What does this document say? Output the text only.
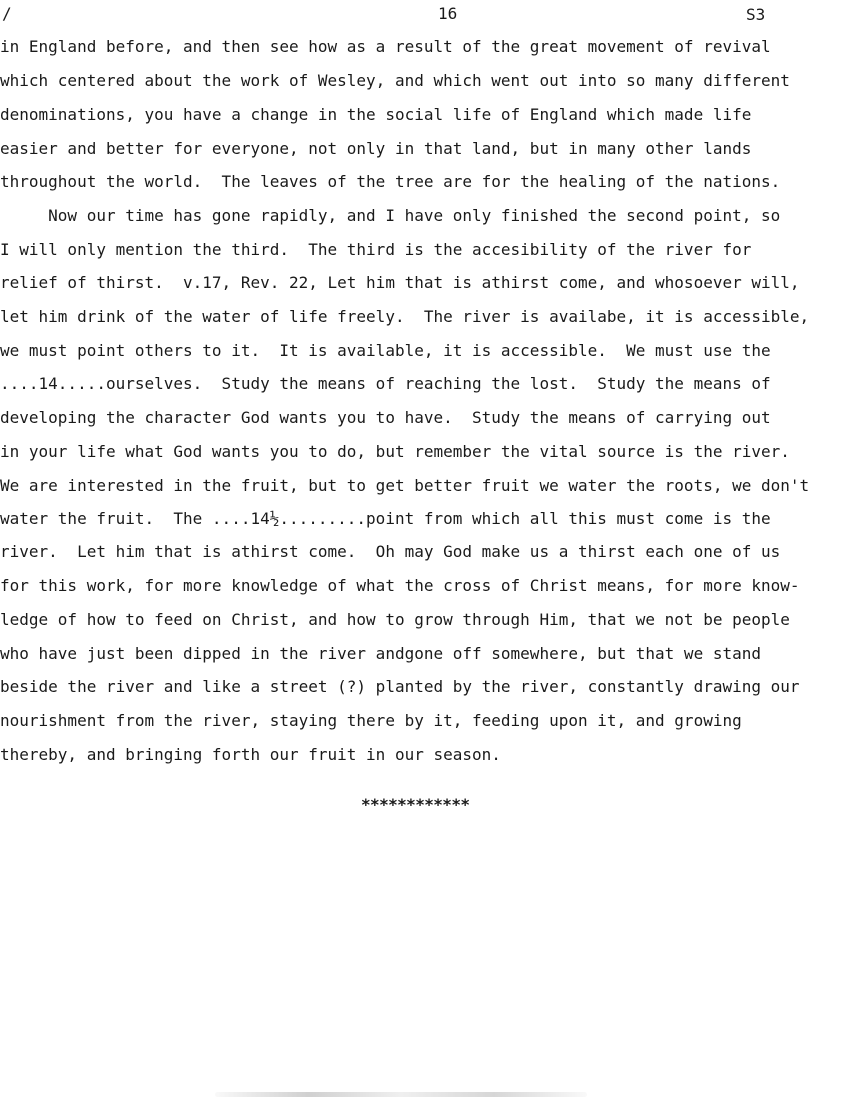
/	16	S3
in England before, and then see how as a result of the great movement of revival
which centered about the work of Wesley, and which went out into so many different
denominations, you have a change in the social life of England which made life
easier and better for everyone, not only in that land, but in many other lands
throughout the world.  The leaves of the tree are for the healing of the nations.
Now our time has gone rapidly, and I have only finished the second point, so
I will only mention the third.  The third is the accesibility of the river for
relief of thirst.  v.17, Rev. 22, Let him that is athirst come, and whosoever will,
let him drink of the water of life freely.  The river is availabe, it is accessible,
we must point others to it.  It is available, it is accessible.  We must use the
....14.....ourselves.  Study the means of reaching the lost.  Study the means of
developing the character God wants you to have.  Study the means of carrying out
in your life what God wants you to do, but remember the vital source is the river.
We are interested in the fruit, but to get better fruit we water the roots, we don't
water the fruit.  The ....14½.........point from which all this must come is the
river.  Let him that is athirst come.  Oh may God make us a thirst each one of us
for this work, for more knowledge of what the cross of Christ means, for more know-
ledge of how to feed on Christ, and how to grow through Him, that we not be people
who have just been dipped in the river andgone off somewhere, but that we stand
beside the river and like a street (?) planted by the river, constantly drawing our
nourishment from the river, staying there by it, feeding upon it, and growing
thereby, and bringing forth our fruit in our season.
************
